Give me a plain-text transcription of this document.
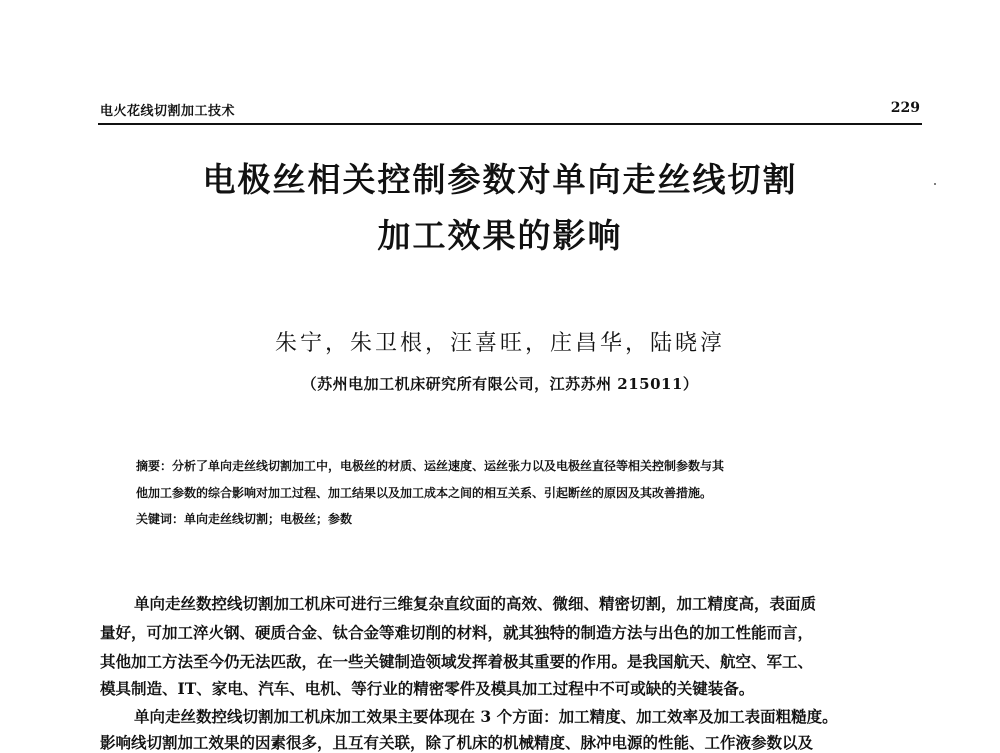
电火花线切割加工技术	229
电极丝相关控制参数对单向走丝线切割
加工效果的影响
朱宁，朱卫根，汪喜旺，庄昌华，陆晓淳
（苏州电加工机床研究所有限公司，江苏苏州 215011）
摘要：分析了单向走丝线切割加工中，电极丝的材质、运丝速度、运丝张力以及电极丝直径等相关控制参数与其
他加工参数的综合影响对加工过程、加工结果以及加工成本之间的相互关系、引起断丝的原因及其改善措施。
关键词：单向走丝线切割；电极丝；参数
单向走丝数控线切割加工机床可进行三维复杂直纹面的高效、微细、精密切割，加工精度高，表面质
量好，可加工淬火钢、硬质合金、钛合金等难切削的材料，就其独特的制造方法与出色的加工性能而言，
其他加工方法至今仍无法匹敌，在一些关键制造领域发挥着极其重要的作用。是我国航天、航空、军工、
模具制造、IT、家电、汽车、电机、等行业的精密零件及模具加工过程中不可或缺的关键装备。
单向走丝数控线切割加工机床加工效果主要体现在 3 个方面：加工精度、加工效率及加工表面粗糙度。
影响线切割加工效果的因素很多，且互有关联，除了机床的机械精度、脉冲电源的性能、工作液参数以及
